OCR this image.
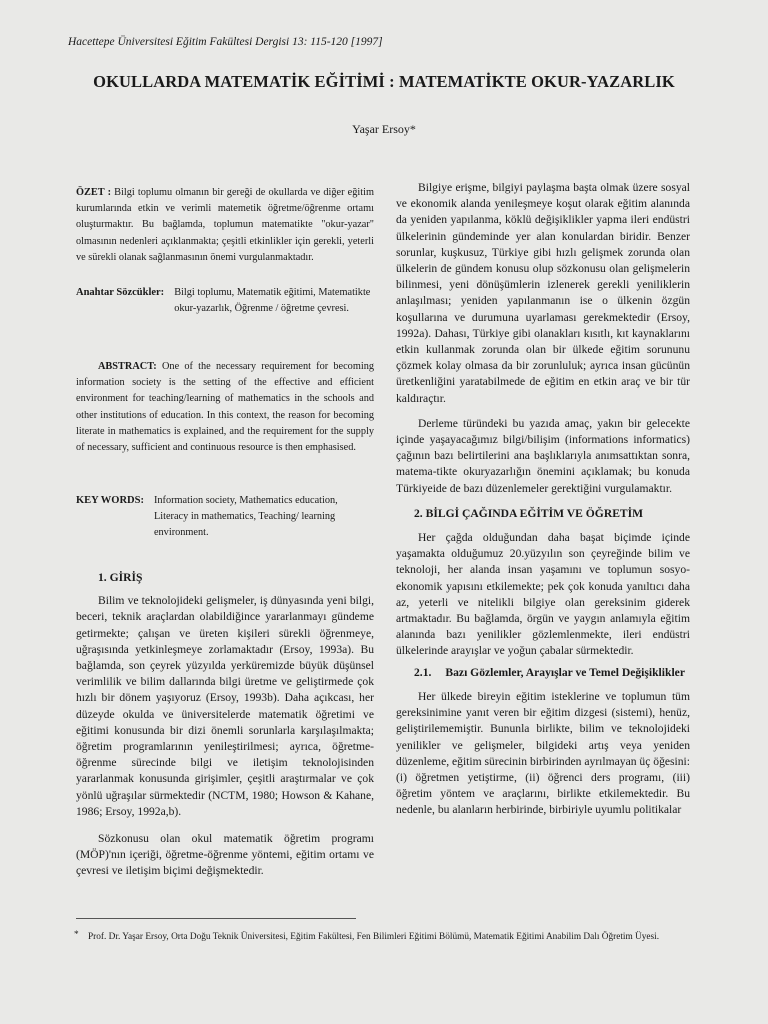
Hacettepe Üniversitesi Eğitim Fakültesi Dergisi 13: 115-120 [1997]
OKULLARDA MATEMATİK EĞİTİMİ : MATEMATİKTE OKUR-YAZARLIK
Yaşar Ersoy*

ÖZET : Bilgi toplumu olmanın bir gereği de okullarda ve diğer eğitim kurumlarında etkin ve verimli matemetik öğretme/öğrenme ortamı oluşturmaktır. Bu bağlamda, toplumun matematikte "okur-yazar" olmasının nedenleri açıklanmakta; çeşitli etkinlikler için gerekli, yeterli ve sürekli olanak sağlanmasının önemi vurgulanmaktadır.

Anahtar Sözcükler: Bilgi toplumu, Matematik eğitimi, Matematikte okur-yazarlık, Öğrenme / öğretme çevresi.

ABSTRACT: One of the necessary requirement for becoming information society is the setting of the effective and efficient environment for teaching/learning of mathematics in the schools and other institutions of education. In this context, the reason for becoming literate in mathematics is explained, and the requirement for the supply of necessary, sufficient and continuous resource is then emphasised.

KEY WORDS: Information society, Mathematics education, Literacy in mathematics, Teaching/ learning environment.
1. GİRİŞ

Bilim ve teknolojideki gelişmeler, iş dünyasında yeni bilgi, beceri, teknik araçlardan olabildiğince yararlanmayı gündeme getirmekte; çalışan ve üreten kişileri sürekli öğrenmeye, uğraşısında yetkinleşmeye zorlamaktadır (Ersoy, 1993a). Bu bağlamda, son çeyrek yüzyılda yerküremizde büyük düşünsel verimlilik ve bilim dallarında bilgi üretme ve geliştirmede çok hızlı bir dönem yaşıyoruz (Ersoy, 1993b). Daha açıkcası, her düzeyde okulda ve üniversitelerde matematik öğretimi ve eğitimi konusunda bir dizi önemli sorunlarla karşılaşılmakta; öğretim programlarının yenileştirilmesi; ayrıca, öğretme-öğrenme sürecinde bilgi ve iletişim teknolojisinden yararlanmak konusunda girişimler, çeşitli araştırmalar ve çok yönlü uğraşılar sürmektedir (NCTM, 1980; Howson & Kahane, 1986; Ersoy, 1992a,b).

Sözkonusu olan okul matematik öğretim programı (MÖP)'nın içeriği, öğretme-öğrenme yöntemi, eğitim ortamı ve çevresi ve iletişim biçimi değişmektedir.

Bilgiye erişme, bilgiyi paylaşma başta olmak üzere sosyal ve ekonomik alanda yenileşmeye koşut olarak eğitim alanında da yeniden yapılanma, köklü değişiklikler yapma ileri endüstri ülkelerinin gündeminde yer alan konulardan biridir. Benzer sorunlar, kuşkusuz, Türkiye gibi hızlı gelişmek zorunda olan ülkelerin de gündem konusu olup sözkonusu olan gelişmelerin bilinmesi, yeni dönüşümlerin izlenerek gerekli yeniliklerin anlaşılması; yeniden yapılanmanın ise o ülkenin özgün koşullarına ve durumuna uyarlaması gerekmektedir (Ersoy, 1992a). Dahası, Türkiye gibi olanakları kısıtlı, kıt kaynaklarını etkin kullanmak zorunda olan bir ülkede eğitim sorununu çözmek kolay olmasa da bir zorunluluk; ayrıca insan gücünün üretkenliğini yaratabilmede de eğitim en etkin araç ve bir tür kaldıraçtır.

Derleme türündeki bu yazıda amaç, yakın bir gelecekte içinde yaşayacağımız bilgi/bilişim (informations informatics) çağının bazı belirtilerini ana başlıklarıyla anımsattıktan sonra, matema-tikte okuryazarlığın önemini açıklamak; bu konuda Türkiyeide de bazı düzenlemeler gerektiğini vurgulamaktır.

2. BİLGİ ÇAĞINDA EĞİTİM VE ÖĞRETİM

Her çağda olduğundan daha başat biçimde içinde yaşamakta olduğumuz 20.yüzyılın son çeyreğinde bilim ve teknoloji, her alanda insan yaşamını ve toplumun sosyo-ekonomik yapısını etkilemekte; pek çok konuda yanıltıcı daha az, yeterli ve nitelikli bilgiye olan gereksinim giderek artmaktadır. Bu bağlamda, örgün ve yaygın anlamıyla eğitim alanında bazı yenilikler gözlemlenmekte, ileri endüstri ülkelerinde arayışlar ve yoğun çabalar sürmektedir.

2.1. Bazı Gözlemler, Arayışlar ve Temel Değişiklikler

Her ülkede bireyin eğitim isteklerine ve toplumun tüm gereksinimine yanıt veren bir eğitim dizgesi (sistemi), henüz, geliştirilememiştir. Bununla birlikte, bilim ve teknolojideki yenilikler ve gelişmeler, bilgideki artış veya yeniden düzenleme, eğitim sürecinin birbirinden ayrılmayan üç öğesini: (i) öğretmen yetiştirme, (ii) öğrenci ders programı, (iii) öğretim yöntem ve araçlarını, birlikte etkilemektedir. Bu nedenle, bu alanların herbirinde, birbiriyle uyumlu politikalar

* Prof. Dr. Yaşar Ersoy, Orta Doğu Teknik Üniversitesi, Eğitim Fakültesi, Fen Bilimleri Eğitimi Bölümü, Matematik Eğitimi Anabilim Dalı Öğretim Üyesi.
